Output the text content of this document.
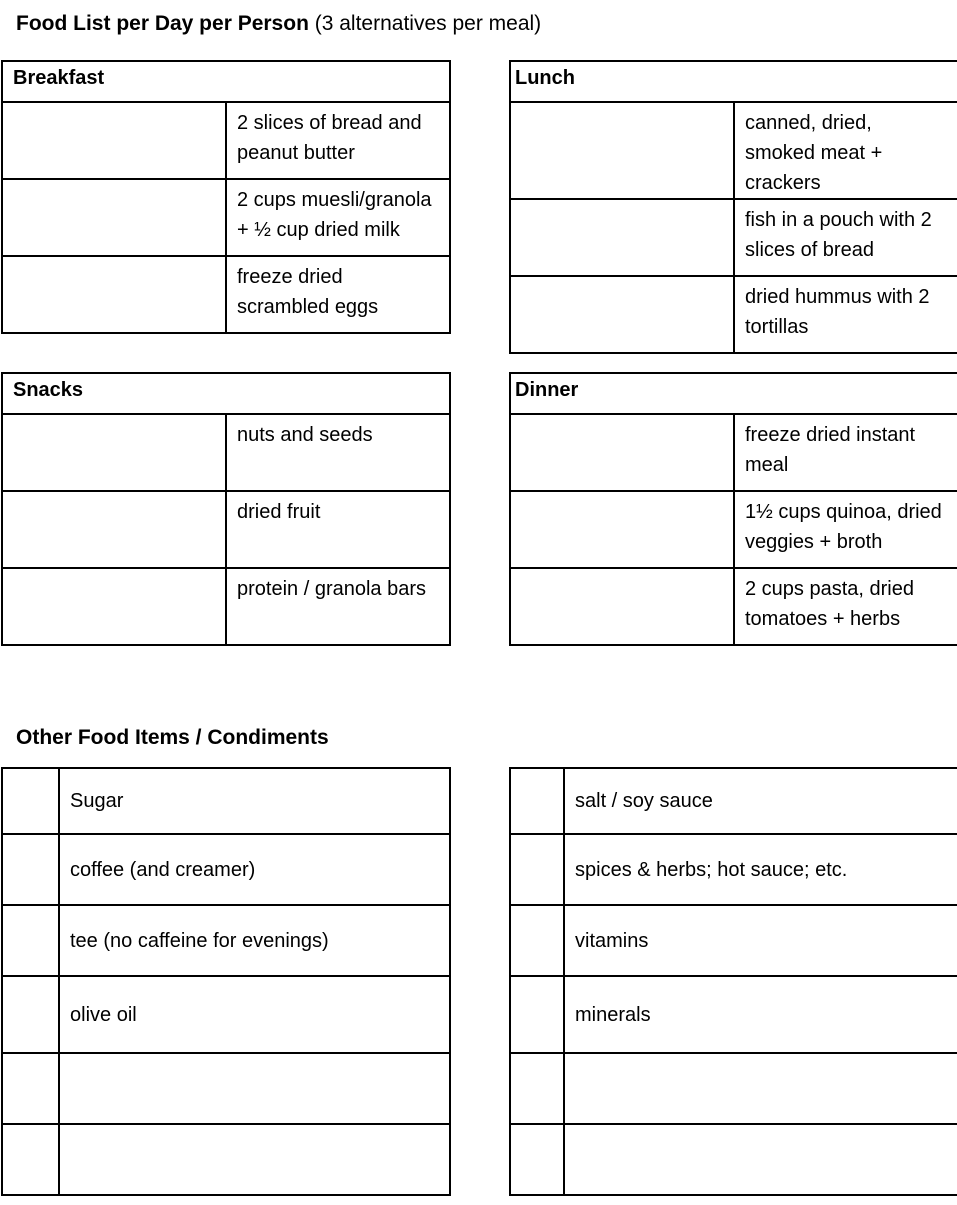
Food List per Day per Person (3 alternatives per meal)
Breakfast	
	2 slices of bread and peanut butter
	2 cups muesli/granola + ½ cup dried milk
	freeze dried scrambled eggs
Lunch	
	canned, dried, smoked meat + crackers
	fish in a pouch with 2 slices of bread
	dried hummus with 2 tortillas
Snacks	
	nuts and seeds
	dried fruit
	protein / granola bars
Dinner	
	freeze dried instant meal
	1½ cups quinoa, dried veggies + broth
	2 cups pasta, dried tomatoes + herbs
Other Food Items / Condiments
	Sugar
	coffee (and creamer)
	tee (no caffeine for evenings)
	olive oil

	salt / soy sauce
	spices & herbs; hot sauce; etc.
	vitamins
	minerals
